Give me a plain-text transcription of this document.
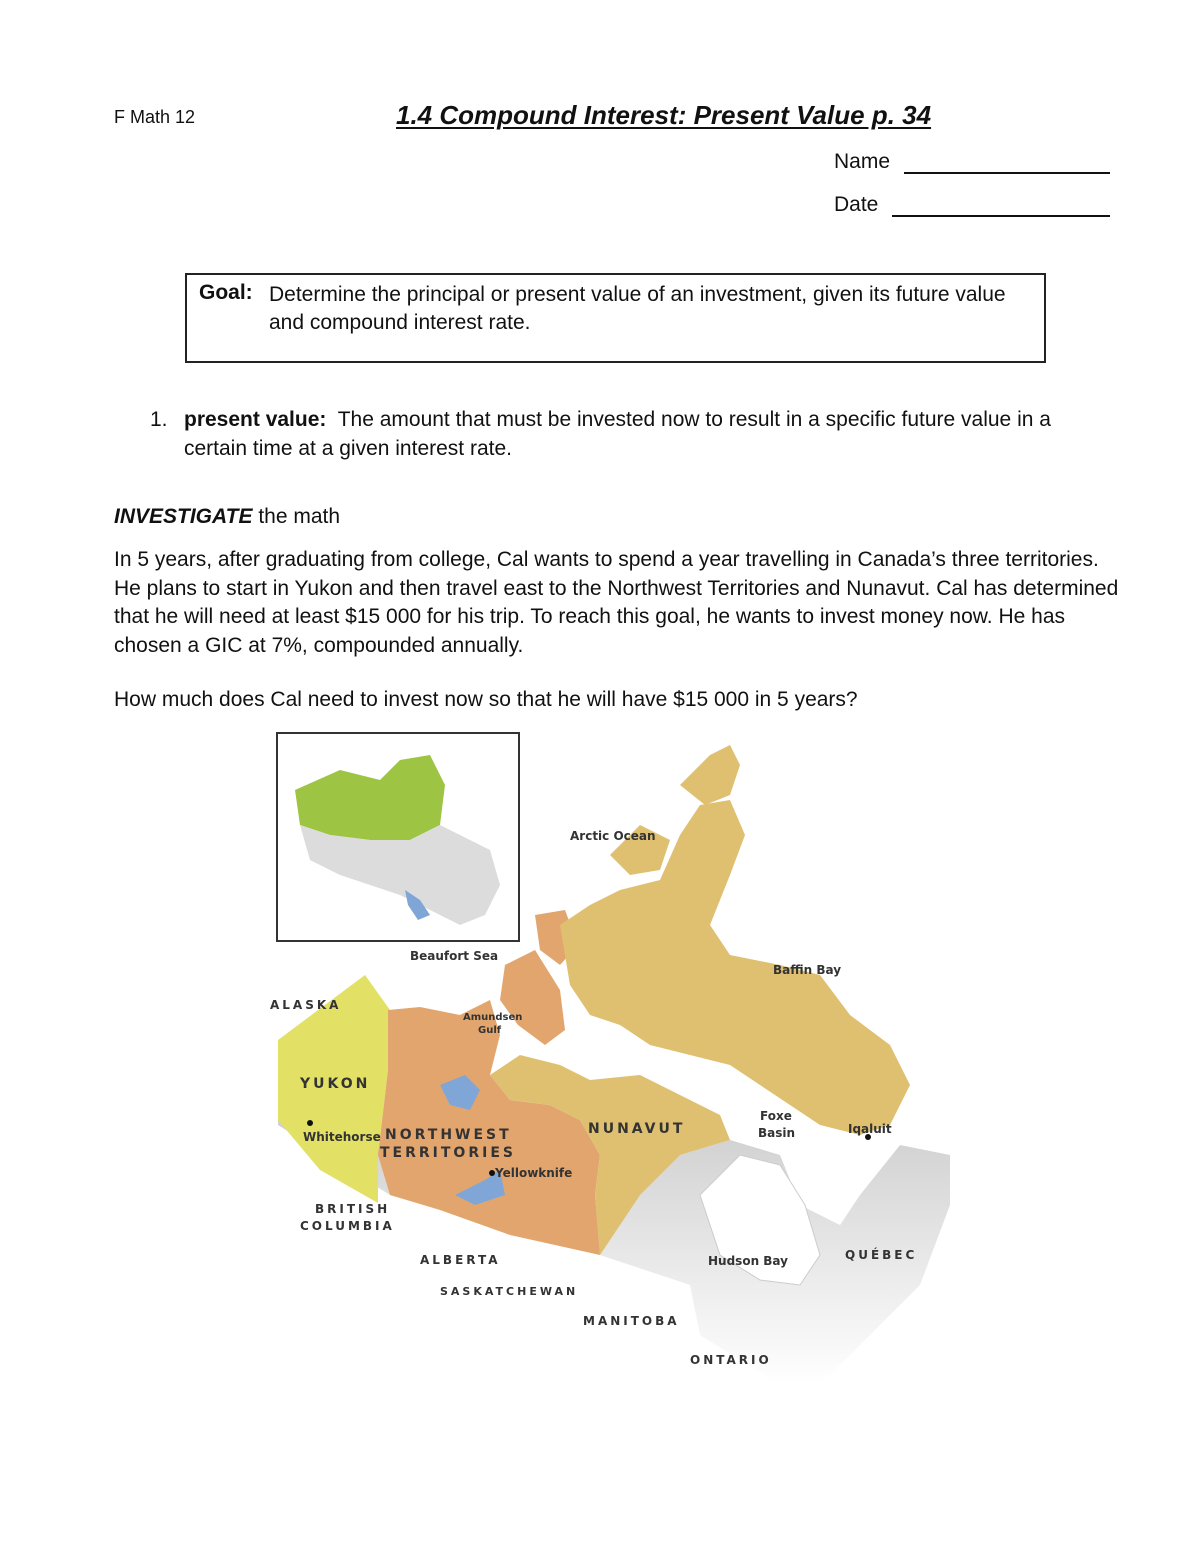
F Math 12	1.4 Compound Interest: Present Value p. 34
Name
Date
Goal: Determine the principal or present value of an investment, given its future value and compound interest rate.
1. present value: The amount that must be invested now to result in a specific future value in a certain time at a given interest rate.
INVESTIGATE the math
In 5 years, after graduating from college, Cal wants to spend a year travelling in Canada’s three territories. He plans to start in Yukon and then travel east to the Northwest Territories and Nunavut. Cal has determined that he will need at least $15 000 for his trip. To reach this goal, he wants to invest money now. He has chosen a GIC at 7%, compounded annually.
How much does Cal need to invest now so that he will have $15 000 in 5 years?
Arctic Ocean
Beaufort Sea
Baffin Bay
ALASKA
Amundsen
Gulf
YUKON
Whitehorse NORTHWEST
TERRITORIES
Yellowknife
NUNAVUT
Foxe
Basin	Iqaluit
BRITISH
COLUMBIA
ALBERTA
SASKATCHEWAN
MANITOBA
ONTARIO
Hudson Bay	QUÉBEC
